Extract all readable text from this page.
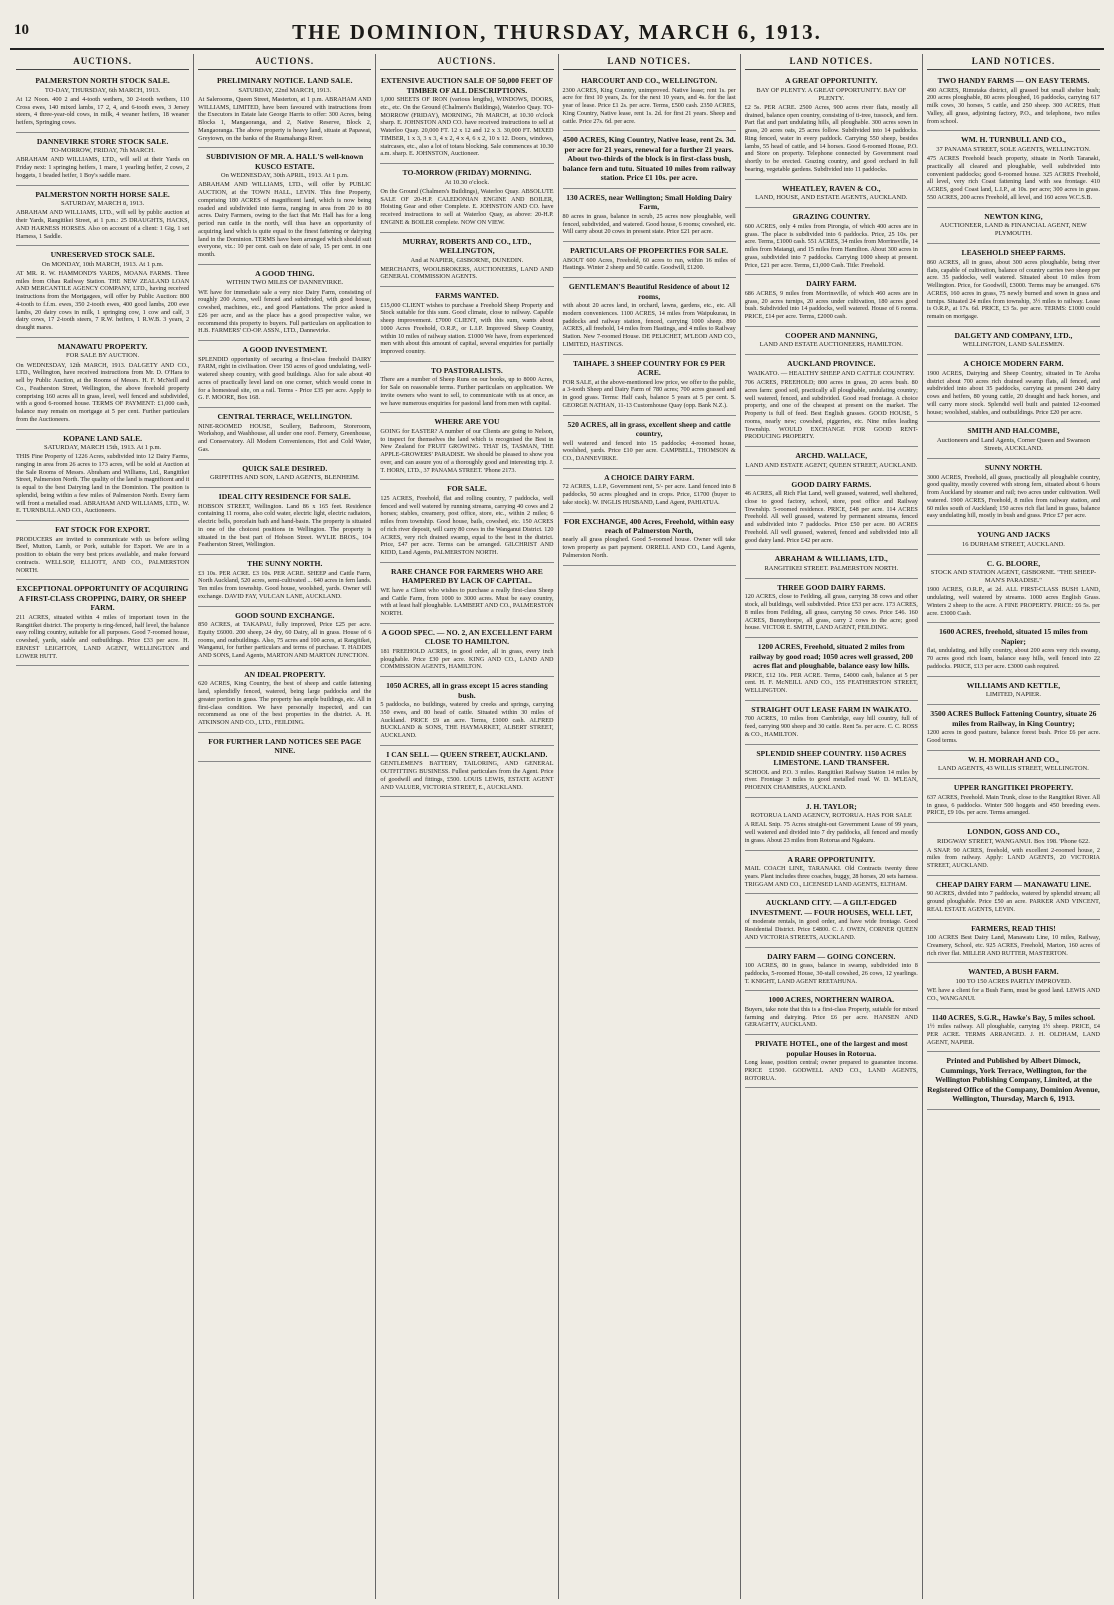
10	THE DOMINION, THURSDAY, MARCH 6, 1913.
AUCTIONS.
PALMERSTON NORTH STOCK SALE.
TO-DAY, THURSDAY, 6th MARCH, 1913.

At 12 Noon. 400 2 and 4-tooth wethers, 30 2-tooth wethers, 110 Cross ewes, 140 mixed lambs, 17 2, 4, and 6-tooth ewes, 3 Jersey steers, 4 three-year-old cows, in milk, 4 weaner heifers, 18 weaner heifers, Springing cows.

DANNEVIRKE STORE STOCK SALE.
TO-MORROW, FRIDAY, 7th MARCH.

ABRAHAM AND WILLIAMS, LTD., will sell at their Yards on Friday next: 1 springing heifers, 1 mare, 1 yearling heifer, 2 cows, 2 hoggets, 1 beaded heifer, 1 Boy's saddle mare.

PALMERSTON NORTH HORSE SALE.
SATURDAY, MARCH 8, 1913.

ABRAHAM AND WILLIAMS, LTD., will sell by public auction at their Yards, Rangitikei Street, at 1 p.m.: 25 DRAUGHTS, HACKS, AND HARNESS HORSES. Also on account of a client: 1 Gig, 1 set Harness, 1 Saddle.

UNRESERVED STOCK SALE.
On MONDAY, 10th MARCH, 1913. At 1 p.m.

AT MR. R. W. HAMMOND'S YARDS, MOANA FARMS. Three miles from Ohau Railway Station. THE NEW ZEALAND LOAN AND MERCANTILE AGENCY COMPANY, LTD., having received instructions from the Mortgagees, will offer by Public Auction: 800 4-tooth to f.f.m. ewes, 350 2-tooth ewes, 400 good lambs, 200 ewe lambs, 20 dairy cows in milk, 1 springing cow, 1 cow and calf, 3 dairy cows, 17 2-tooth steers, 7 R.W. heifers, 1 R.W.B. 3 years, 2 draught mares.

MANAWATU PROPERTY.
FOR SALE BY AUCTION.

On WEDNESDAY, 12th MARCH, 1913. DALGETY AND CO., LTD., Wellington, have received instructions from Mr. D. O'Hara to sell by Public Auction, at the Rooms of Messrs. H. F. McNeill and Co., Featherston Street, Wellington, the above freehold property comprising 160 acres all in grass, level, well fenced and subdivided, with a good 6-roomed house. TERMS OF PAYMENT: £1,000 cash, balance may remain on mortgage at 5 per cent. Further particulars from the Auctioneers.

KOPANE LAND SALE.
SATURDAY, MARCH 15th, 1913. At 1 p.m.

THIS Fine Property of 1226 Acres, subdivided into 12 Dairy Farms, ranging in area from 26 acres to 173 acres, will be sold at Auction at the Sale Rooms of Messrs. Abraham and Williams, Ltd., Rangitikei Street, Palmerston North. The quality of the land is magnificent and it is equal to the best Dairying land in the Dominion. The position is splendid, being within a few miles of Palmerston North. Every farm will front a metalled road. ABRAHAM AND WILLIAMS, LTD., W. E. TURNBULL AND CO., Auctioneers.

FAT STOCK FOR EXPORT.

PRODUCERS are invited to communicate with us before selling Beef, Mutton, Lamb, or Pork, suitable for Export. We are in a position to obtain the very best prices available, and make forward contracts. WELLSOP, ELLIOTT, AND CO., PALMERSTON NORTH.

EXCEPTIONAL OPPORTUNITY OF ACQUIRING A FIRST-CLASS CROPPING, DAIRY, OR SHEEP FARM.

211 ACRES, situated within 4 miles of important town in the Rangitikei district. The property is ring-fenced, half level, the balance easy rolling country, suitable for all purposes. Good 7-roomed house, cowshed, yards, stable and outbuildings. Price £33 per acre. H. ERNEST LEIGHTON, LAND AGENT, WELLINGTON and LOWER HUTT.

AUCTIONS.
PRELIMINARY NOTICE. LAND SALE.
SATURDAY, 22nd MARCH, 1913.

At Salerooms, Queen Street, Masterton, at 1 p.m. ABRAHAM AND WILLIAMS, LIMITED, have been favoured with instructions from the Executors in Estate late George Harris to offer: 300 Acres, being Blocks 1, Mangaoranga, and 2, Native Reserve, Block 2, Mangaoranga. The above property is heavy land, situate at Papawai, Greytown, on the banks of the Ruamahanga River.

SUBDIVISION OF MR. A. HALL'S well-known KUSCO ESTATE.
On WEDNESDAY, 30th APRIL, 1913. At 1 p.m.

ABRAHAM AND WILLIAMS, LTD., will offer by PUBLIC AUCTION, at the TOWN HALL, LEVIN. This fine Property, comprising 180 ACRES of magnificent land, which is now being roaded and subdivided into farms, ranging in area from 20 to 80 acres. Dairy Farmers, owing to the fact that Mr. Hall has for a long period run cattle in the north, will thus have an opportunity of acquiring land which is quite equal to the finest fattening or dairying land in the Dominion. TERMS have been arranged which should suit everyone, viz.: 10 per cent. cash on date of sale, 15 per cent. in one month.

A GOOD THING.
WITHIN TWO MILES OF DANNEVIRKE.

WE have for immediate sale a very nice Dairy Farm, consisting of roughly 200 Acres, well fenced and subdivided, with good house, cowshed, machines, etc., and good Plantations. The price asked is £26 per acre, and as the place has a good prospective value, we recommend this property to buyers. Full particulars on application to H.B. FARMERS' CO-OP. ASSN., LTD., Dannevirke.

A GOOD INVESTMENT.

SPLENDID opportunity of securing a first-class freehold DAIRY FARM, right in civilisation. Over 150 acres of good undulating, well-watered sheep country, with good buildings. Also for sale about 40 acres of practically level land on one corner, which would come in for a homestead site, on a rail. Terms - Price £35 per acre. Apply to G. F. MOORE, Box 168.

CENTRAL TERRACE, WELLINGTON.

NINE-ROOMED HOUSE, Scullery, Bathroom, Storeroom, Workshop, and Washhouse, all under one roof. Fernery, Greenhouse, and Conservatory. All Modern Conveniences, Hot and Cold Water, Gas.

QUICK SALE DESIRED.
GRIFFITHS AND SON, LAND AGENTS, BLENHEIM.
IDEAL CITY RESIDENCE FOR SALE.

HOBSON STREET, Wellington. Land 86 x 165 feet. Residence containing 11 rooms, also cold water, electric light, electric radiators, electric bells, porcelain bath and hand-basin. The property is situated in one of the choicest positions in Wellington. The property is situated in the best part of Hobson Street. WYLIE BROS., 104 Featherston Street, Wellington.

THE SUNNY NORTH.

£3 10s. PER ACRE. £3 10s. PER ACRE. SHEEP and Cattle Farm, North Auckland, 520 acres, semi-cultivated ... 640 acres in fern lands. Ten miles from township. Good house, woolshed, yards. Owner will exchange. DAVID FAY, VULCAN LANE, AUCKLAND.

GOOD SOUND EXCHANGE.

850 ACRES, at TAKAPAU, fully improved, Price £25 per acre. Equity £6000. 200 sheep, 24 dry, 60 Dairy, all in grass. House of 6 rooms, and outbuildings. Also, 75 acres and 100 acres, at Rangitikei, Wanganui, for further particulars and terms of purchase. T. HADDIS AND SONS, Land Agents, MARTON AND MARTON JUNCTION.

AN IDEAL PROPERTY.

620 ACRES, King Country, the best of sheep and cattle fattening land, splendidly fenced, watered, being large paddocks and the greater portion in grass. The property has ample buildings, etc. All in first-class condition. We have personally inspected, and can recommend as one of the best properties in the district. A. H. ATKINSON AND CO., LTD., FEILDING.

FOR FURTHER LAND NOTICES SEE PAGE NINE.
AUCTIONS.
EXTENSIVE AUCTION SALE OF 50,000 FEET OF TIMBER OF ALL DESCRIPTIONS.

1,000 SHEETS OF IRON (various lengths), WINDOWS, DOORS, etc., etc. On the Ground (Chalmers's Buildings), Waterloo Quay. TO-MORROW (FRIDAY), MORNING, 7th MARCH, at 10.30 o'clock sharp. E. JOHNSTON AND CO. have received instructions to sell at Waterloo Quay. 20,000 FT. 12 x 12 and 12 x 3. 30,000 FT. MIXED TIMBER, 1 x 3, 3 x 3, 4 x 2, 4 x 4, 6 x 2, 10 x 12. Doors, windows, staircases, etc., also a lot of totara blocking. Sale commences at 10.30 a.m. sharp. E. JOHNSTON, Auctioneer.

TO-MORROW (FRIDAY) MORNING.
At 10.30 o'clock.

On the Ground (Chalmers's Buildings), Waterloo Quay. ABSOLUTE SALE OF 20-H.P. CALEDONIAN ENGINE AND BOILER, Hoisting Gear and other Complete. E. JOHNSTON AND CO. have received instructions to sell at Waterloo Quay, as above: 20-H.P. ENGINE & BOILER complete. NOW ON VIEW.

MURRAY, ROBERTS AND CO., LTD., WELLINGTON,
And at NAPIER, GISBORNE, DUNEDIN.

MERCHANTS, WOOLBROKERS, AUCTIONEERS, LAND AND GENERAL COMMISSION AGENTS.

FARMS WANTED.

£15,000 CLIENT wishes to purchase a Freehold Sheep Property and Stock suitable for this sum. Good climate, close to railway. Capable sheep improvement. £7000 CLIENT, with this sum, wants about 1000 Acres Freehold, O.R.P., or L.I.P. Improved Sheep Country, within 10 miles of railway station. £1000 We have, from experienced men with about this amount of capital, several enquiries for partially improved country.

TO PASTORALISTS.

There are a number of Sheep Runs on our books, up to 8000 Acres, for Sale on reasonable terms. Further particulars on application. We invite owners who want to sell, to communicate with us at once, as we have numerous enquiries for pastoral land from men with capital.

WHERE ARE YOU

GOING for EASTER? A number of our Clients are going to Nelson, to inspect for themselves the land which is recognised the Best in New Zealand for FRUIT GROWING. THAT IS, TASMAN, THE APPLE-GROWERS' PARADISE. We should be pleased to show you over, and can assure you of a thoroughly good and interesting trip. J. T. HORN, LTD., 37 PANAMA STREET. 'Phone 2173.

FOR SALE.

125 ACRES, Freehold, flat and rolling country, 7 paddocks, well fenced and well watered by running streams, carrying 40 cows and 2 horses; stables, creamery, post office, store, etc., within 2 miles; 6 miles from township. Good house, bails, cowshed, etc. 150 ACRES of rich river deposit, will carry 80 cows in the Wanganui District. 120 ACRES, very rich drained swamp, equal to the best in the district. Price, £47 per acre. Terms can be arranged. GILCHRIST AND KIDD, Land Agents, PALMERSTON NORTH.

RARE CHANCE FOR FARMERS WHO ARE HAMPERED BY LACK OF CAPITAL.

WE have a Client who wishes to purchase a really first-class Sheep and Cattle Farm, from 1000 to 3000 acres. Must be easy country, with at least half ploughable. LAMBERT AND CO., PALMERSTON NORTH.

A GOOD SPEC. — NO. 2, AN EXCELLENT FARM CLOSE TO HAMILTON.

181 FREEHOLD ACRES, in good order, all in grass, every inch ploughable. Price £30 per acre. KING AND CO., LAND AND COMMISSION AGENTS, HAMILTON.

1050 ACRES, all in grass except 15 acres standing bush.

5 paddocks, no buildings, watered by creeks and springs, carrying 350 ewes, and 80 head of cattle. Situated within 30 miles of Auckland. PRICE £9 an acre. Terms, £1000 cash. ALFRED BUCKLAND & SONS, THE HAYMARKET, ALBERT STREET, AUCKLAND.

I CAN SELL — QUEEN STREET, AUCKLAND.

GENTLEMEN'S BATTERY, TAILORING, AND GENERAL OUTFITTING BUSINESS. Fullest particulars from the Agent. Price of goodwill and fittings, £500. LOUIS LEWIS, ESTATE AGENT AND VALUER, VICTORIA STREET, E., AUCKLAND.

LAND NOTICES.
HARCOURT AND CO., WELLINGTON.

2300 ACRES, King Country, unimproved. Native lease; rent 1s. per acre for first 10 years, 2s. for the next 10 years, and 4s. for the last year of lease. Price £1 2s. per acre. Terms, £500 cash. 2350 ACRES, King Country, Native lease, rent 1s. 2d. for first 21 years. Sheep and cattle. Price 27s. 6d. per acre.

4500 ACRES, King Country, Native lease, rent 2s. 3d. per acre for 21 years, renewal for a further 21 years. About two-thirds of the block is in first-class bush, balance fern and tutu. Situated 10 miles from railway station. Price £1 10s. per acre.
130 ACRES, near Wellington; Small Holding Dairy Farm,

80 acres in grass, balance in scrub, 25 acres now ploughable, well fenced, subdivided, and watered. Good house, 6 rooms; cowshed, etc. Will carry about 20 cows in present state. Price £21 per acre.

PARTICULARS OF PROPERTIES FOR SALE.

ABOUT 600 Acres, Freehold, 60 acres to run, within 16 miles of Hastings. Winter 2 sheep and 50 cattle. Goodwill, £1200.

GENTLEMAN'S Beautiful Residence of about 12 rooms,

with about 20 acres land, in orchard, lawns, gardens, etc., etc. All modern conveniences. 1100 ACRES, 14 miles from Waipukurau, in paddocks and railway station, fenced, carrying 1000 sheep. 890 ACRES, all freehold, 14 miles from Hastings, and 4 miles to Railway Station. New 7-roomed House. DE PELICHET, M'LEOD AND CO., LIMITED, HASTINGS.

TAIHAPE. 3 SHEEP COUNTRY FOR £9 PER ACRE.

FOR SALE, at the above-mentioned low price, we offer to the public, a 3-tooth Sheep and Dairy Farm of 780 acres; 700 acres grassed and in good grass. Terms: Half cash, balance 5 years at 5 per cent. S. GEORGE NATHAN, 11-13 Customhouse Quay (opp. Bank N.Z.).

520 ACRES, all in grass, excellent sheep and cattle country,

well watered and fenced into 15 paddocks; 4-roomed house, woolshed, yards. Price £10 per acre. CAMPBELL, THOMSON & CO., DANNEVIRKE.

A CHOICE DAIRY FARM.

72 ACRES, L.I.P., Government rent, 5/- per acre. Land fenced into 8 paddocks, 50 acres ploughed and in crops. Price, £1700 (buyer to take stock). W. INGLIS HUSBAND, Land Agent, PAHIATUA.

FOR EXCHANGE, 400 Acres, Freehold, within easy reach of Palmerston North,

nearly all grass ploughed. Good 5-roomed house. Owner will take town property as part payment. ORRELL AND CO., Land Agents, Palmerston North.

LAND NOTICES.
A GREAT OPPORTUNITY.
BAY OF PLENTY. A GREAT OPPORTUNITY. BAY OF PLENTY.

£2 5s. PER ACRE. 2500 Acres, 900 acres river flats, mostly all drained, balance open country, consisting of ti-tree, tussock, and fern. Part flat and part undulating hills, all ploughable. 300 acres sown in grass, 20 acres oats, 25 acres follow. Subdivided into 14 paddocks. Ring fenced, water in every paddock. Carrying 550 sheep, besides lambs, 55 head of cattle, and 14 horses. Good 6-roomed House, P.O. and Store on property. Telephone connected by Government road shortly to be erected. Grazing country, and good orchard in full bearing, vegetable gardens. Subdivided into 11 paddocks.

WHEATLEY, RAVEN & CO.,
LAND, HOUSE, AND ESTATE AGENTS, AUCKLAND.
GRAZING COUNTRY.

600 ACRES, only 4 miles from Pirongia, of which 400 acres are in grass. The place is subdivided into 6 paddocks. Price, 25 10s. per acre. Terms, £1000 cash. 551 ACRES, 34 miles from Morrinsville, 14 miles from Matangi, and 15 miles from Hamilton. About 300 acres in grass, subdivided into 7 paddocks. Carrying 1000 sheep at present. Price, £21 per acre. Terms, £1,000 Cash. Title: Freehold.

DAIRY FARM.

686 ACRES, 9 miles from Morrinsville, of which 460 acres are in grass, 20 acres turnips, 20 acres under cultivation, 180 acres good bush. Subdivided into 14 paddocks, well watered. House of 6 rooms. PRICE, £14 per acre. Terms, £2000 cash.

COOPER AND MANNING,
LAND AND ESTATE AUCTIONEERS, HAMILTON.
AUCKLAND PROVINCE.
WAIKATO. — HEALTHY SHEEP AND CATTLE COUNTRY.

706 ACRES, FREEHOLD; 800 acres in grass, 20 acres bush. 80 acres farm: good soil, practically all ploughable, undulating country; well watered, fenced, and subdivided. Good road frontage. A choice property, and one of the cheapest at present on the market. The Property is full of feed. Best English grasses. GOOD HOUSE, 5 rooms, nearly new; cowshed, piggeries, etc. Nine miles leading Township. WOULD EXCHANGE FOR GOOD RENT-PRODUCING PROPERTY.

ARCHD. WALLACE,
LAND AND ESTATE AGENT, QUEEN STREET, AUCKLAND.
GOOD DAIRY FARMS.

46 ACRES, all Rich Flat Land, well grassed, watered, well sheltered, close to good factory, school, store, post office and Railway Township. 5-roomed residence. PRICE, £48 per acre. 114 ACRES Freehold. All well grassed, watered by permanent streams, fenced and subdivided into 7 paddocks. Price £50 per acre. 80 ACRES Freehold. All well grassed, watered, fenced and subdivided into all good dairy land. Price £42 per acre.

ABRAHAM & WILLIAMS, LTD.,
RANGITIKEI STREET. PALMERSTON NORTH.
THREE GOOD DAIRY FARMS.

120 ACRES, close to Feilding, all grass, carrying 38 cows and other stock, all buildings, well subdivided. Price £53 per acre. 173 ACRES, 8 miles from Feilding, all grass, carrying 50 cows. Price £46. 160 ACRES, Bunnythorpe, all grass, carry 2 cows to the acre; good house. VICTOR E. SMITH, LAND AGENT, FEILDING.

1200 ACRES, Freehold, situated 2 miles from railway by good road; 1050 acres well grassed, 200 acres flat and ploughable, balance easy low hills.

PRICE, £12 10s. PER ACRE. Terms, £4000 cash, balance at 5 per cent. H. F. McNEILL AND CO., 155 FEATHERSTON STREET, WELLINGTON.

STRAIGHT OUT LEASE FARM IN WAIKATO.

700 ACRES, 10 miles from Cambridge, easy hill country, full of feed, carrying 900 sheep and 30 cattle. Rent 5s. per acre. C. C. ROSS & CO., HAMILTON.

SPLENDID SHEEP COUNTRY. 1150 ACRES LIMESTONE. LAND TRANSFER.

SCHOOL and P.O. 3 miles. Rangitikei Railway Station 14 miles by river. Frontage 3 miles to good metalled road. W. D. M'LEAN, PHOENIX CHAMBERS, AUCKLAND.

J. H. TAYLOR;
ROTORUA LAND AGENCY, ROTORUA. HAS FOR SALE

A REAL Snip. 75 Acres straight-out Government Lease of 99 years, well watered and divided into 7 dry paddocks, all fenced and mostly in grass. About 23 miles from Rotorua and Ngakuru.

A RARE OPPORTUNITY.

MAIL COACH LINE, TARANAKI. Old Contracts twenty three years. Plant includes three coaches, buggy, 28 horses, 20 sets harness. TRIGGAM AND CO., LICENSED LAND AGENTS, ELTHAM.

AUCKLAND CITY. — A GILT-EDGED INVESTMENT. — FOUR HOUSES, WELL LET,

of moderate rentals, in good order, and have wide frontage. Good Residential District. Price £4800. C. J. OWEN, CORNER QUEEN AND VICTORIA STREETS, AUCKLAND.

DAIRY FARM — GOING CONCERN.

100 ACRES, 80 in grass, balance in swamp, subdivided into 8 paddocks, 5-roomed House, 30-stall cowshed, 26 cows, 12 yearlings. T. KNIGHT, LAND AGENT REETAHUNA.

1000 ACRES, NORTHERN WAIROA.

Buyers, take note that this is a first-class Property, suitable for mixed farming and dairying. Price £6 per acre. HANSEN AND GERAGHTY, AUCKLAND.

PRIVATE HOTEL, one of the largest and most popular Houses in Rotorua.

Long lease, position central; owner prepared to guarantee income. PRICE £1500. GODWELL AND CO., LAND AGENTS, ROTORUA.

LAND NOTICES.
TWO HANDY FARMS — ON EASY TERMS.

490 ACRES, Rimutaka district, all grassed but small shelter bush; 200 acres ploughable, 80 acres ploughed, 16 paddocks, carrying 617 milk cows, 30 horses, 5 cattle, and 250 sheep. 300 ACRES, Hutt Valley, all grass, adjoining factory, P.O., and telephone, two miles from school.

WM. H. TURNBULL AND CO.,
37 PANAMA STREET, SOLE AGENTS, WELLINGTON.

475 ACRES Freehold beach property, situate in North Taranaki, practically all cleared and ploughable, well subdivided into convenient paddocks; good 6-roomed house. 325 ACRES Freehold, all level, very rich Coast fattening land with sea frontage. 410 ACRES, good Coast land, L.I.P., at 10s. per acre; 300 acres in grass. 550 ACRES, 200 acres Freehold, all level, and 160 acres W.C.S.B.

NEWTON KING,
AUCTIONEER, LAND & FINANCIAL AGENT, NEW PLYMOUTH.
LEASEHOLD SHEEP FARMS.

860 ACRES, all in grass, about 300 acres ploughable, being river flats, capable of cultivation, balance of country carries two sheep per acre. 35 paddocks, well watered. Situated about 10 miles from Wellington. Price, for Goodwill, £3000. Terms may be arranged. 676 ACRES, 160 acres in grass, 75 newly burned and sown in grass and turnips. Situated 24 miles from township, 3½ miles to railway. Lease is O.R.P., at 17s. 6d. PRICE, £3 5s. per acre. TERMS: £1000 could remain on mortgage.

DALGETY AND COMPANY, LTD.,
WELLINGTON, LAND SALESMEN.
A CHOICE MODERN FARM.

1900 ACRES, Dairying and Sheep Country, situated in Te Aroha district about 700 acres rich drained swamp flats, all fenced, and subdivided into about 35 paddocks, carrying at present 240 dairy cows and heifers, 80 young cattle, 20 draught and hack horses, and will carry more stock. Splendid well built and painted 12-roomed house; woolshed, stables, and outbuildings. Price £20 per acre.

SMITH AND HALCOMBE,
Auctioneers and Land Agents, Corner Queen and Swanson Streets, AUCKLAND.
SUNNY NORTH.

3000 ACRES, Freehold, all grass, practically all ploughable country, good quality, mostly covered with strong fern, situated about 6 hours from Auckland by steamer and rail; two acres under cultivation. Well watered. 1900 ACRES, Freehold, 8 miles from railway station, and 60 miles south of Auckland; 150 acres rich flat land in grass, balance easy undulating hill, mostly in bush and grass. Price £7 per acre.

YOUNG AND JACKS
16 DURHAM STREET, AUCKLAND.
C. G. BLOORE,
STOCK AND STATION AGENT, GISBORNE. "THE SHEEP-MAN'S PARADISE."

1900 ACRES, O.R.P., at 2d. ALL FIRST-CLASS BUSH LAND, undulating, well watered by streams. 1000 acres English Grass. Winters 2 sheep to the acre. A FINE PROPERTY. PRICE: £6 5s. per acre. £3000 Cash.

1600 ACRES, freehold, situated 15 miles from Napier;

flat, undulating, and hilly country, about 200 acres very rich swamp, 70 acres good rich loam, balance easy hills, well fenced into 22 paddocks. PRICE, £13 per acre. £3000 cash required.

WILLIAMS AND KETTLE,
LIMITED, NAPIER.
3500 ACRES Bullock Fattening Country, situate 26 miles from Railway, in King Country;

1200 acres in good pasture, balance forest bush. Price £6 per acre. Good terms.

W. H. MORRAH AND CO.,
LAND AGENTS, 43 WILLIS STREET, WELLINGTON.
UPPER RANGITIKEI PROPERTY.

637 ACRES, Freehold. Main Trunk, close to the Rangitikei River. All in grass, 6 paddocks. Winter 500 hoggets and 450 breeding ewes. PRICE, £9 10s. per acre. Terms arranged.

LONDON, GOSS AND CO.,
RIDGWAY STREET, WANGANUI. Box 198. 'Phone 622.

A SNAP. 90 ACRES, freehold, with excellent 2-roomed house, 2 miles from railway. Apply: LAND AGENTS, 20 VICTORIA STREET, AUCKLAND.

CHEAP DAIRY FARM — MANAWATU LINE.

90 ACRES, divided into 7 paddocks, watered by splendid stream; all ground ploughable. Price £50 an acre. PARKER AND VINCENT, REAL ESTATE AGENTS, LEVIN.

FARMERS, READ THIS!

100 ACRES Best Dairy Land, Manawatu Line, 10 miles, Railway, Creamery, School, etc. 925 ACRES, Freehold, Marton, 160 acres of rich river flat. MILLER AND RUTTER, MASTERTON.

WANTED, A BUSH FARM.
100 TO 150 ACRES PARTLY IMPROVED.

WE have a client for a Bush Farm, must be good land. LEWIS AND CO., WANGANUI.

1140 ACRES, S.G.R., Hawke's Bay, 5 miles school.

1½ miles railway. All ploughable, carrying 1½ sheep. PRICE, £4 PER ACRE. TERMS ARRANGED. J. H. OLDHAM, LAND AGENT, NAPIER.

Printed and Published by Albert Dimock, Cummings, York Terrace, Wellington, for the Wellington Publishing Company, Limited, at the Registered Office of the Company, Dominion Avenue, Wellington, Thursday, March 6, 1913.
